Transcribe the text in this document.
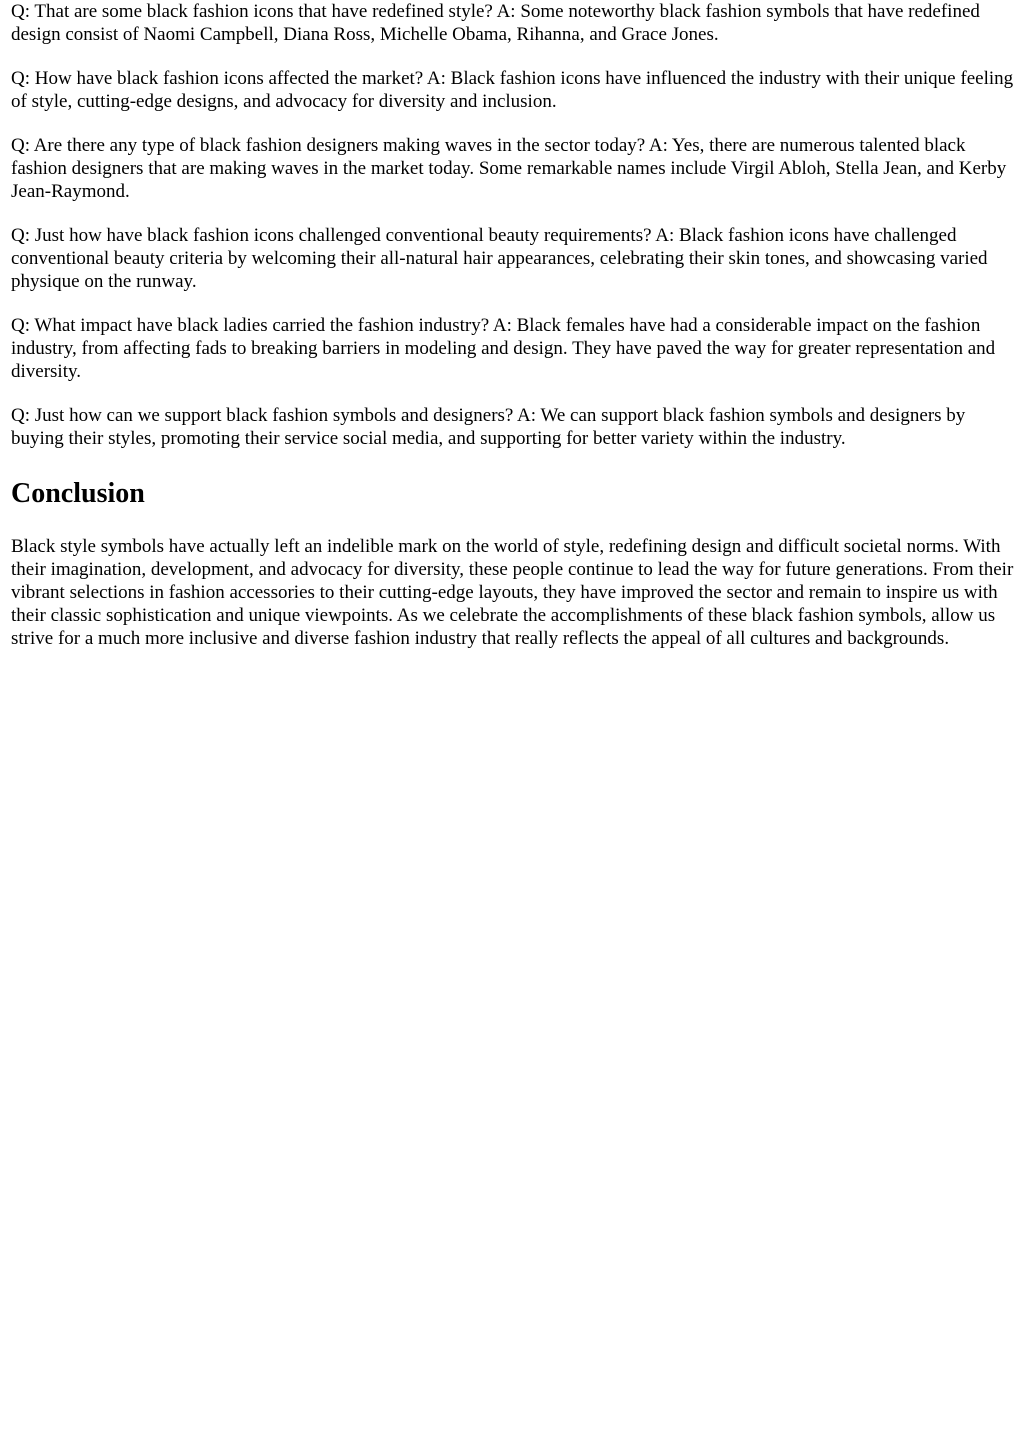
Q: That are some black fashion icons that have redefined style? A: Some noteworthy black fashion symbols that have redefined design consist of Naomi Campbell, Diana Ross, Michelle Obama, Rihanna, and Grace Jones.

Q: How have black fashion icons affected the market? A: Black fashion icons have influenced the industry with their unique feeling of style, cutting-edge designs, and advocacy for diversity and inclusion.

Q: Are there any type of black fashion designers making waves in the sector today? A: Yes, there are numerous talented black fashion designers that are making waves in the market today. Some remarkable names include Virgil Abloh, Stella Jean, and Kerby Jean-Raymond.

Q: Just how have black fashion icons challenged conventional beauty requirements? A: Black fashion icons have challenged conventional beauty criteria by welcoming their all-natural hair appearances, celebrating their skin tones, and showcasing varied physique on the runway.

Q: What impact have black ladies carried the fashion industry? A: Black females have had a considerable impact on the fashion industry, from affecting fads to breaking barriers in modeling and design. They have paved the way for greater representation and diversity.

Q: Just how can we support black fashion symbols and designers? A: We can support black fashion symbols and designers by buying their styles, promoting their service social media, and supporting for better variety within the industry.

Conclusion

Black style symbols have actually left an indelible mark on the world of style, redefining design and difficult societal norms. With their imagination, development, and advocacy for diversity, these people continue to lead the way for future generations. From their vibrant selections in fashion accessories to their cutting-edge layouts, they have improved the sector and remain to inspire us with their classic sophistication and unique viewpoints. As we celebrate the accomplishments of these black fashion symbols, allow us strive for a much more inclusive and diverse fashion industry that really reflects the appeal of all cultures and backgrounds.
